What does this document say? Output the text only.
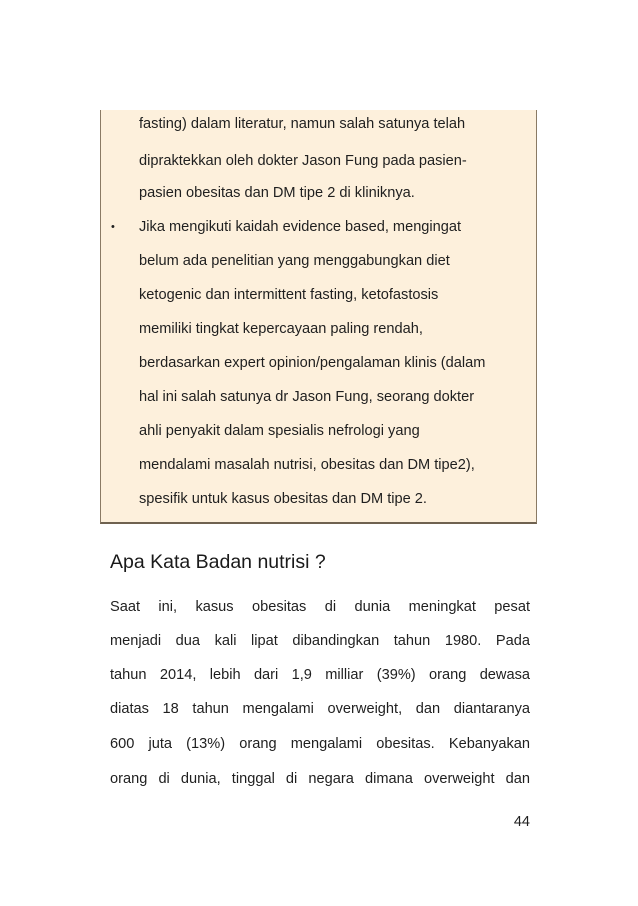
fasting) dalam literatur, namun salah satunya telah
dipraktekkan oleh dokter Jason Fung pada pasien-
pasien obesitas dan DM tipe 2 di kliniknya.
• Jika mengikuti kaidah evidence based, mengingat
belum ada penelitian yang menggabungkan diet
ketogenic dan intermittent fasting, ketofastosis
memiliki tingkat kepercayaan paling rendah,
berdasarkan expert opinion/pengalaman klinis (dalam
hal ini salah satunya dr Jason Fung, seorang dokter
ahli penyakit dalam spesialis nefrologi yang
mendalami masalah nutrisi, obesitas dan DM tipe2),
spesifik untuk kasus obesitas dan DM tipe 2.
Apa Kata Badan nutrisi ?
Saat ini, kasus obesitas di dunia meningkat pesat
menjadi dua kali lipat dibandingkan tahun 1980. Pada
tahun 2014, lebih dari 1,9 milliar (39%) orang dewasa
diatas 18 tahun mengalami overweight, dan diantaranya
600 juta (13%) orang mengalami obesitas. Kebanyakan
orang di dunia, tinggal di negara dimana overweight dan
44
